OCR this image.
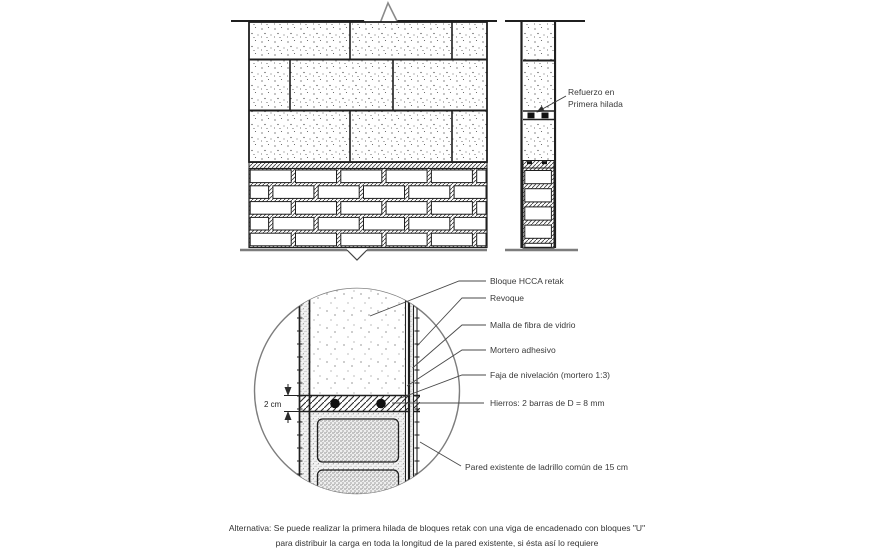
Refuerzo en
Primera hilada
2 cm
Bloque HCCA retak
Revoque
Malla de fibra de vidrio
Mortero adhesivo
Faja de nivelación (mortero 1:3)
Hierros: 2 barras de D = 8 mm
Pared existente de ladrillo común de 15 cm
Alternativa: Se puede realizar la primera hilada de bloques retak con una viga de encadenado con bloques "U"
para distribuir la carga en toda la longitud de la pared existente, si ésta así lo requiere
